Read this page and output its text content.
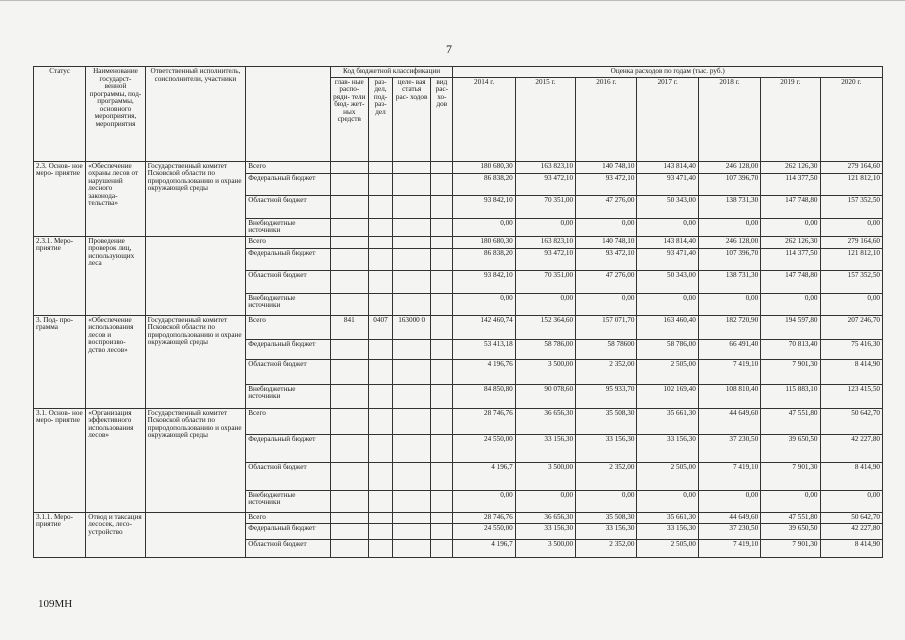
7
Статус	Наименование государст- венной программы, под- программы, основного мероприятия, мероприятия	Ответственный исполнитель, соисполнители, участники		Код бюджетной классификации				Оценка расходов по годам (тыс. руб.)						
				глав- ные распо- ряди- тели бюд- жет- ных средств	раз- дел, под- раз- дел	целе- вая статья рас- ходов	вид рас- хо- дов	2014 г.	2015 г.	2016 г.	2017 г.	2018 г.	2019 г.	2020 г.
2.3. Основ- ное меро- приятие	«Обеспечение охраны лесов от нарушений лесного законода- тельства»	Государственный комитет Псковской области по природопользованию и охране окружающей среды	Всего					180 680,30	163 823,10	140 748,10	143 814,40	246 128,00	262 126,30	279 164,60
			Федеральный бюджет					86 838,20	93 472,10	93 472,10	93 471,40	107 396,70	114 377,50	121 812,10
			Областной бюджет					93 842,10	70 351,00	47 276,00	50 343,00	138 731,30	147 748,80	157 352,50
			Внебюджетные источники					0,00	0,00	0,00	0,00	0,00	0,00	0,00
2.3.1. Меро- приятие	Проведение проверок лиц, использующих леса		Всего					180 680,30	163 823,10	140 748,10	143 814,40	246 128,00	262 126,30	279 164,60
			Федеральный бюджет					86 838,20	93 472,10	93 472,10	93 471,40	107 396,70	114 377,50	121 812,10
			Областной бюджет					93 842,10	70 351,00	47 276,00	50 343,00	138 731,30	147 748,80	157 352,50
			Внебюджетные источники					0,00	0,00	0,00	0,00	0,00	0,00	0,00
3. Под- про- грамма	«Обеспечение использования лесов и воспроизво- дство лесов»	Государственный комитет Псковской области по природопользованию и охране окружающей среды	Всего	841	0407	163000 0		142 460,74	152 364,60	157 071,70	163 460,40	182 720,90	194 597,80	207 246,70
			Федеральный бюджет					53 413,18	58 786,00	58 78600	58 786,00	66 491,40	70 813,40	75 416,30
			Областной бюджет					4 196,76	3 500,00	2 352,00	2 505,00	7 419,10	7 901,30	8 414,90
			Внебюджетные источники					84 850,80	90 078,60	95 933,70	102 169,40	108 810,40	115 883,10	123 415,50
3.1. Основ- ное меро- приятие	«Организация эффективного использования лесов»	Государственный комитет Псковской области по природопользованию и охране окружающей среды	Всего					28 746,76	36 656,30	35 508,30	35 661,30	44 649,60	47 551,80	50 642,70
			Федеральный бюджет					24 550,00	33 156,30	33 156,30	33 156,30	37 230,50	39 650,50	42 227,80
			Областной бюджет					4 196,7	3 500,00	2 352,00	2 505,00	7 419,10	7 901,30	8 414,90
			Внебюджетные источники					0,00	0,00	0,00	0,00	0,00	0,00	0,00
3.1.1. Меро- приятие	Отвод и таксация лесосек, лесо- устройство		Всего					28 746,76	36 656,30	35 508,30	35 661,30	44 649,60	47 551,80	50 642,70
			Федеральный бюджет					24 550,00	33 156,30	33 156,30	33 156,30	37 230,50	39 650,50	42 227,80
			Областной бюджет					4 196,7	3 500,00	2 352,00	2 505,00	7 419,10	7 901,30	8 414,90
109МН
